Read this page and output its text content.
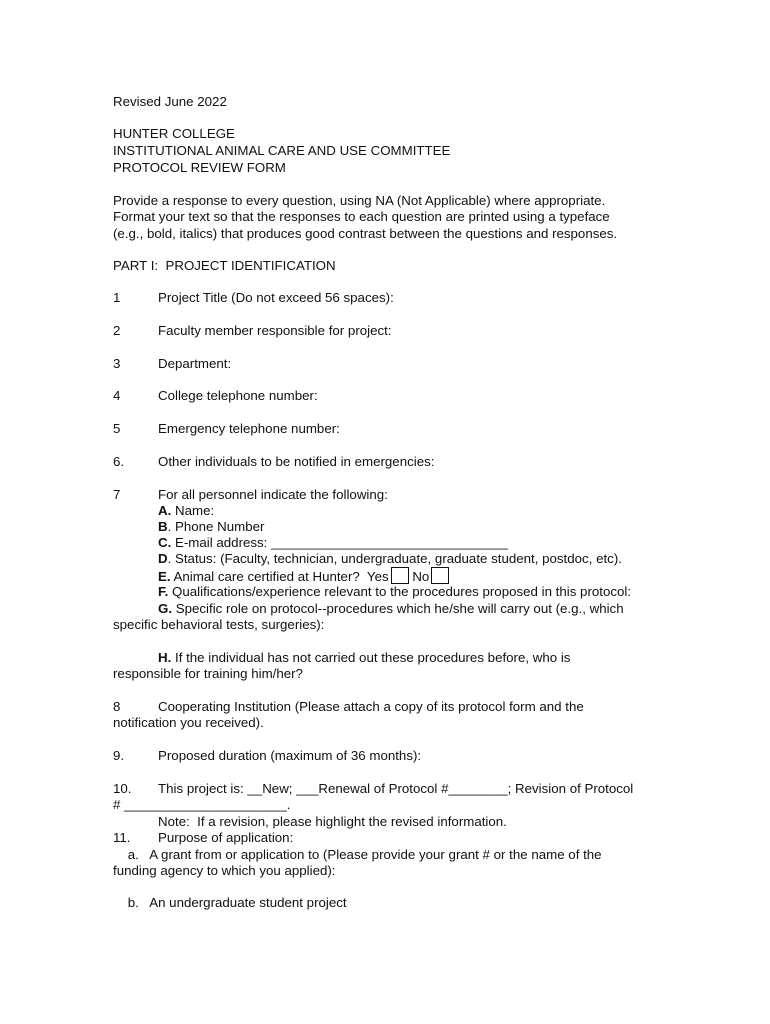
Revised June 2022
HUNTER COLLEGE
INSTITUTIONAL ANIMAL CARE AND USE COMMITTEE
PROTOCOL REVIEW FORM
Provide a response to every question, using NA (Not Applicable) where appropriate.
Format your text so that the responses to each question are printed using a typeface
(e.g., bold, italics) that produces good contrast between the questions and responses.
PART I:  PROJECT IDENTIFICATION
1	Project Title (Do not exceed 56 spaces):
2	Faculty member responsible for project:
3	Department:
4	College telephone number:
5	Emergency telephone number:
6.	Other individuals to be notified in emergencies:
7	For all personnel indicate the following:
A. Name:
B. Phone Number
C. E-mail address: ________________________________
D. Status: (Faculty, technician, undergraduate, graduate student, postdoc, etc).
E. Animal care certified at Hunter?  Yes No
F. Qualifications/experience relevant to the procedures proposed in this protocol:
G. Specific role on protocol--procedures which he/she will carry out (e.g., which
specific behavioral tests, surgeries):
H. If the individual has not carried out these procedures before, who is
responsible for training him/her?
8	Cooperating Institution (Please attach a copy of its protocol form and the
notification you received).
9.	Proposed duration (maximum of 36 months):
10. This project is: __New; ___Renewal of Protocol #________; Revision of Protocol
# ______________________.
Note:  If a revision, please highlight the revised information.
11. Purpose of application:
a.   A grant from or application to (Please provide your grant # or the name of the
funding agency to which you applied):
b.   An undergraduate student project
